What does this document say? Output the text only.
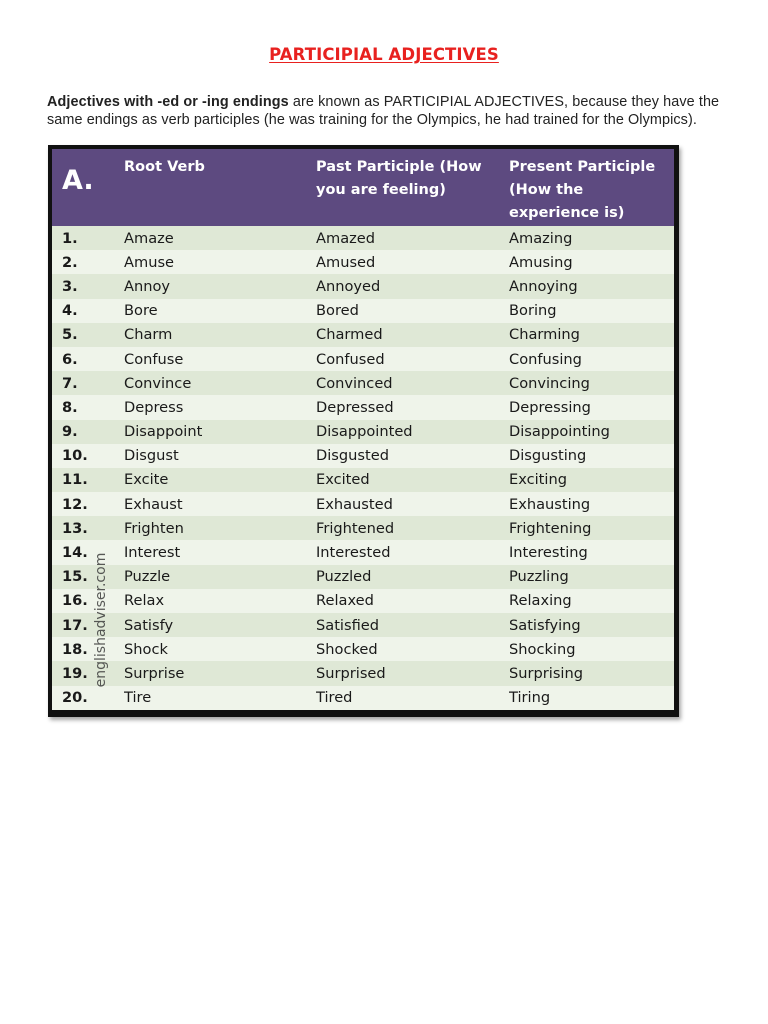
PARTICIPIAL ADJECTIVES

Adjectives with -ed or -ing endings are known as PARTICIPIAL ADJECTIVES, because they have the same endings as verb participles (he was training for the Olympics, he had trained for the Olympics).

A.	Root Verb	Past Participle (How you are feeling)	Present Participle (How the experience is)

1.	Amaze	Amazed	Amazing
2.	Amuse	Amused	Amusing
3.	Annoy	Annoyed	Annoying
4.	Bore	Bored	Boring
5.	Charm	Charmed	Charming
6.	Confuse	Confused	Confusing
7.	Convince	Convinced	Convincing
8.	Depress	Depressed	Depressing
9.	Disappoint	Disappointed	Disappointing
10.	Disgust	Disgusted	Disgusting
11.	Excite	Excited	Exciting
12.	Exhaust	Exhausted	Exhausting
13.	Frighten	Frightened	Frightening
14.	Interest	Interested	Interesting
15.	Puzzle	Puzzled	Puzzling
16.	Relax	Relaxed	Relaxing
17.	Satisfy	Satisfied	Satisfying
18.	Shock	Shocked	Shocking
19.	Surprise	Surprised	Surprising
20.	Tire	Tired	Tiring
englishadviser.com
